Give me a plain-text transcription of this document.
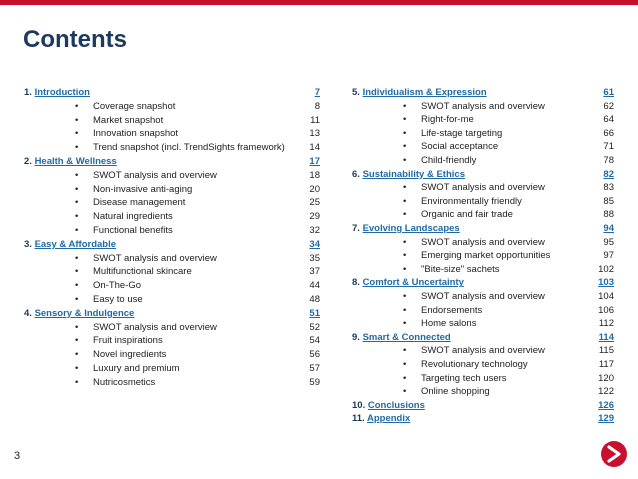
Contents
1. Introduction	7
• Coverage snapshot	8
• Market snapshot	11
• Innovation snapshot	13
• Trend snapshot (incl. TrendSights framework)	14
2. Health & Wellness	17
• SWOT analysis and overview	18
• Non-invasive anti-aging	20
• Disease management	25
• Natural ingredients	29
• Functional benefits	32
3. Easy & Affordable	34
• SWOT analysis and overview	35
• Multifunctional skincare	37
• On-The-Go	44
• Easy to use	48
4. Sensory & Indulgence	51
• SWOT analysis and overview	52
• Fruit inspirations	54
• Novel ingredients	56
• Luxury and premium	57
• Nutricosmetics	59
5. Individualism & Expression	61
• SWOT analysis and overview	62
• Right-for-me	64
• Life-stage targeting	66
• Social acceptance	71
• Child-friendly	78
6. Sustainability & Ethics	82
• SWOT analysis and overview	83
• Environmentally friendly	85
• Organic and fair trade	88
7. Evolving Landscapes	94
• SWOT analysis and overview	95
• Emerging market opportunities	97
• "Bite-size" sachets	102
8. Comfort & Uncertainty	103
• SWOT analysis and overview	104
• Endorsements	106
• Home salons	112
9. Smart & Connected	114
• SWOT analysis and overview	115
• Revolutionary technology	117
• Targeting tech users	120
• Online shopping	122
10. Conclusions	126
11. Appendix	129
3
